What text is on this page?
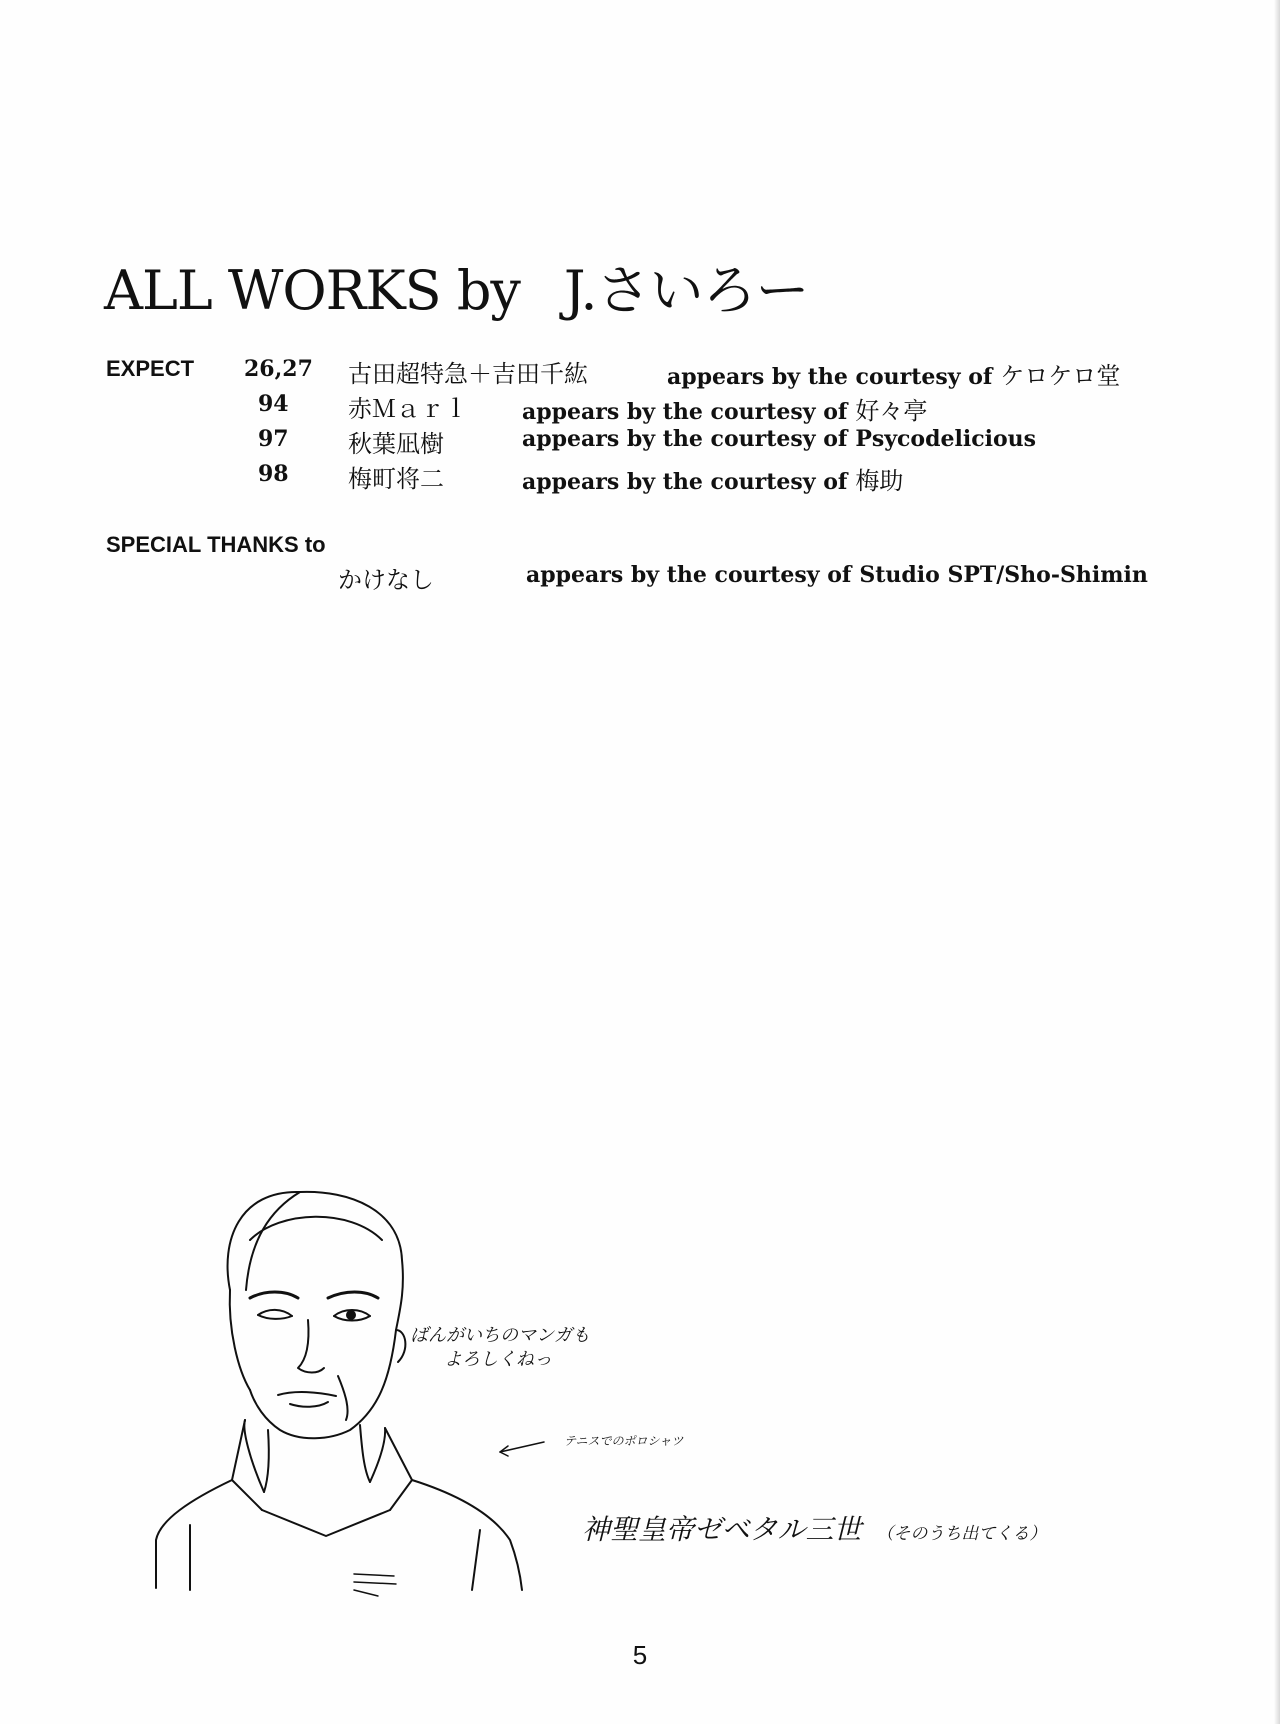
ALL WORKS by J.さいろー
EXPECT 26,27 古田超特急＋吉田千紘	appears by the courtesy of ケロケロ堂
94 赤Ｍａｒｌ appears by the courtesy of 好々亭
97 秋葉凪樹	appears by the courtesy of Psycodelicious
98 梅町将二	appears by the courtesy of 梅助
SPECIAL THANKS to
かけなし	appears by the courtesy of Studio SPT/Sho-Shimin
ばんがいちのマンガも
よろしくねっ
テニスでのポロシャツ
神聖皇帝ゼベタル三世 （そのうち出てくる）
5
